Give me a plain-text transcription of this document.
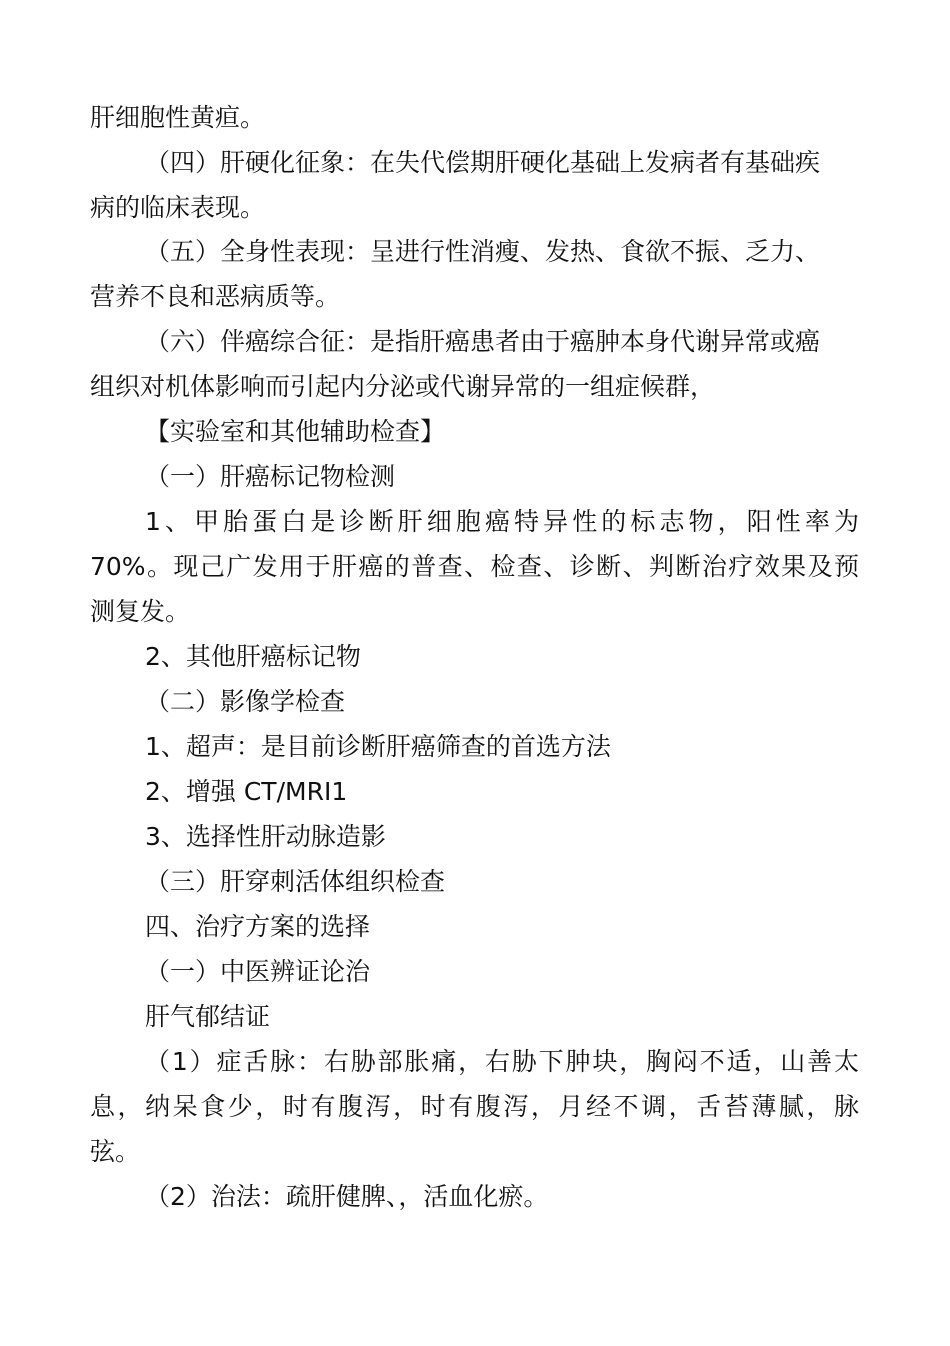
肝细胞性黄疸。
（四）肝硬化征象：在失代偿期肝硬化基础上发病者有基础疾
病的临床表现。
（五）全身性表现：呈进行性消瘦、发热、食欲不振、乏力、
营养不良和恶病质等。
（六）伴癌综合征：是指肝癌患者由于癌肿本身代谢异常或癌
组织对机体影响而引起内分泌或代谢异常的一组症候群，
【实验室和其他辅助检查】
（一）肝癌标记物检测
1、甲胎蛋白是诊断肝细胞癌特异性的标志物，阳性率为
70%。现己广发用于肝癌的普查、检查、诊断、判断治疗效果及预
测复发。
2、其他肝癌标记物
（二）影像学检查
1、超声：是目前诊断肝癌筛查的首选方法
2、增强 CT/MRI1
3、选择性肝动脉造影
（三）肝穿刺活体组织检查
四、治疗方案的选择
（一）中医辨证论治
肝气郁结证
（1）症舌脉：右胁部胀痛，右胁下肿块，胸闷不适，山善太
息，纳呆食少，时有腹泻，时有腹泻，月经不调，舌苔薄腻，脉
弦。
（2）治法：疏肝健脾、，活血化瘀。
